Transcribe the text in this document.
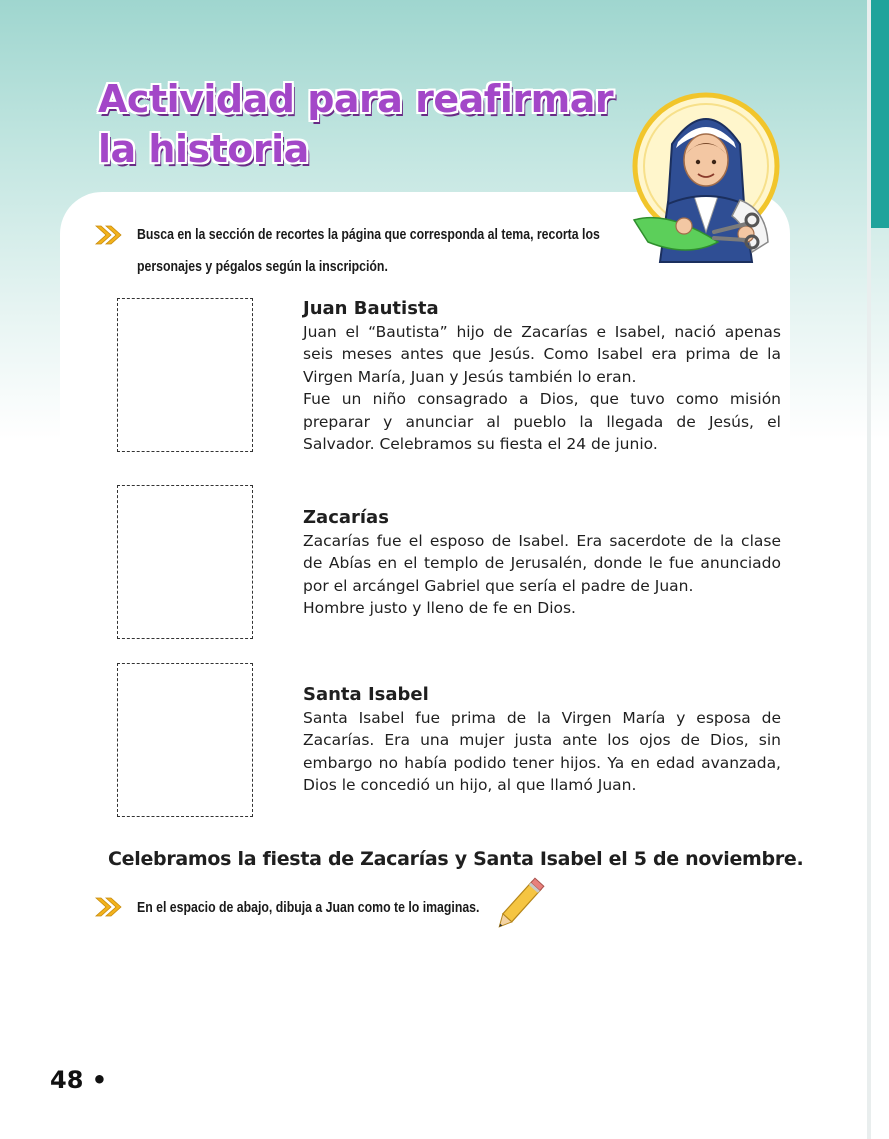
Actividad para reafirmar
la historia

Busca en la sección de recortes la página que corresponda al tema, recorta los

personajes y pégalos según la inscripción.

Juan Bautista

Juan el “Bautista” hijo de Zacarías e Isabel, nació apenas seis meses antes que Jesús. Como Isabel era prima de la Virgen María, Juan y Jesús también lo eran.
Fue un niño consagrado a Dios, que tuvo como misión preparar y anunciar al pueblo la llegada de Jesús, el Salvador. Celebramos su fiesta el 24 de junio.

Zacarías

Zacarías fue el esposo de Isabel. Era sacerdote de la clase de Abías en el templo de Jerusalén, donde le fue anunciado por el arcángel Gabriel que sería el padre de Juan.
Hombre justo y lleno de fe en Dios.

Santa Isabel

Santa Isabel fue prima de la Virgen María y esposa de Zacarías. Era una mujer justa ante los ojos de Dios, sin embargo no había podido tener hijos. Ya en edad avanzada, Dios le concedió un hijo, al que llamó Juan.

Celebramos la fiesta de Zacarías y Santa Isabel el 5 de noviembre.

En el espacio de abajo, dibuja a Juan como te lo imaginas.

48 •
